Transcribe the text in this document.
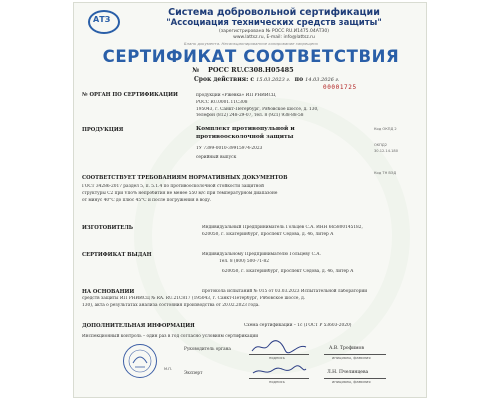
АТЗ
Система добровольной сертификации
"Ассоциация технических средств защиты"
(зарегистрирована № РОСС RU.И1475.04АТЗ0)
www.lattsz.ru, E-mail: info@lattsz.ru
Бланк документа. Несанкционированное копирование запрещено
СЕРТИФИКАТ СООТВЕТСТВИЯ
№ РОСС RU.С308.Н05485
Срок действия: с 15.03.2023 г. по 14.03.2026 г.
00001725
№ ОРГАН ПО СЕРТИФИКАЦИИ	продукции «Ржевка» ИП РНИИСЦ
РОСС RU.0001.11С308
195043, г. Санкт-Петербург, Рябовское шоссе, д. 130,
телефон (812) 248-29-07, тел. 8 (921) 938-88-58
ПРОДУКЦИЯ	Комплект противопульной и
противоосколочной защиты
ТУ 7399-0010-39915974-2023
серийный выпуск
Код ОКПД 2
OKПД2
30.12.14.180
Код ТН ВЭД
СООТВЕТСТВУЕТ ТРЕБОВАНИЯМ НОРМАТИВНЫХ ДОКУМЕНТОВ
ГОСТ 34286-2017 раздел 5, п. 5.1.4 по противоосколочной стойкости защитной
структуры С2 при Vпо% непробития не менее 550 м/с при температурном диапазоне
от минус 40°С до плюс 45°С и после погружения в воду.
ИЗГОТОВИТЕЛЬ	Индивидуальный Предприниматель Гольцев С.А. ИНН 665800145182,
620050, г. Екатеринбург, проспект Седова, д. 46, литер А
СЕРТИФИКАТ ВЫДАН	Индивидуальному Предпринимателю Гольцеву С.А.
Тел. 8 (800) 500-71-82
620050, г. Екатеринбург, проспект Седова, д. 46, литер А
НА ОСНОВАНИИ	протокола испытаний № 015 от 03.03.2023 Испытательной лаборатории
средств защиты ИП РНИИСЦ № RA. RU.21C817 (195043, г. Санкт-Петербург, Рябовское шоссе, д.
130), акта о результатах анализа состояния производства от 20.02.2023 года.
ДОПОЛНИТЕЛЬНАЯ ИНФОРМАЦИЯ	Схема сертификации – 1с (ГОСТ Р 53603-2020)
Инспекционный контроль – один раз в год согласно условиям сертификации
М.П.
Руководитель органа
подпись
А.В. Трофимов
инициалы, фамилия
Эксперт
подпись
Л.Н. Пчелинцева
инициалы, фамилия
